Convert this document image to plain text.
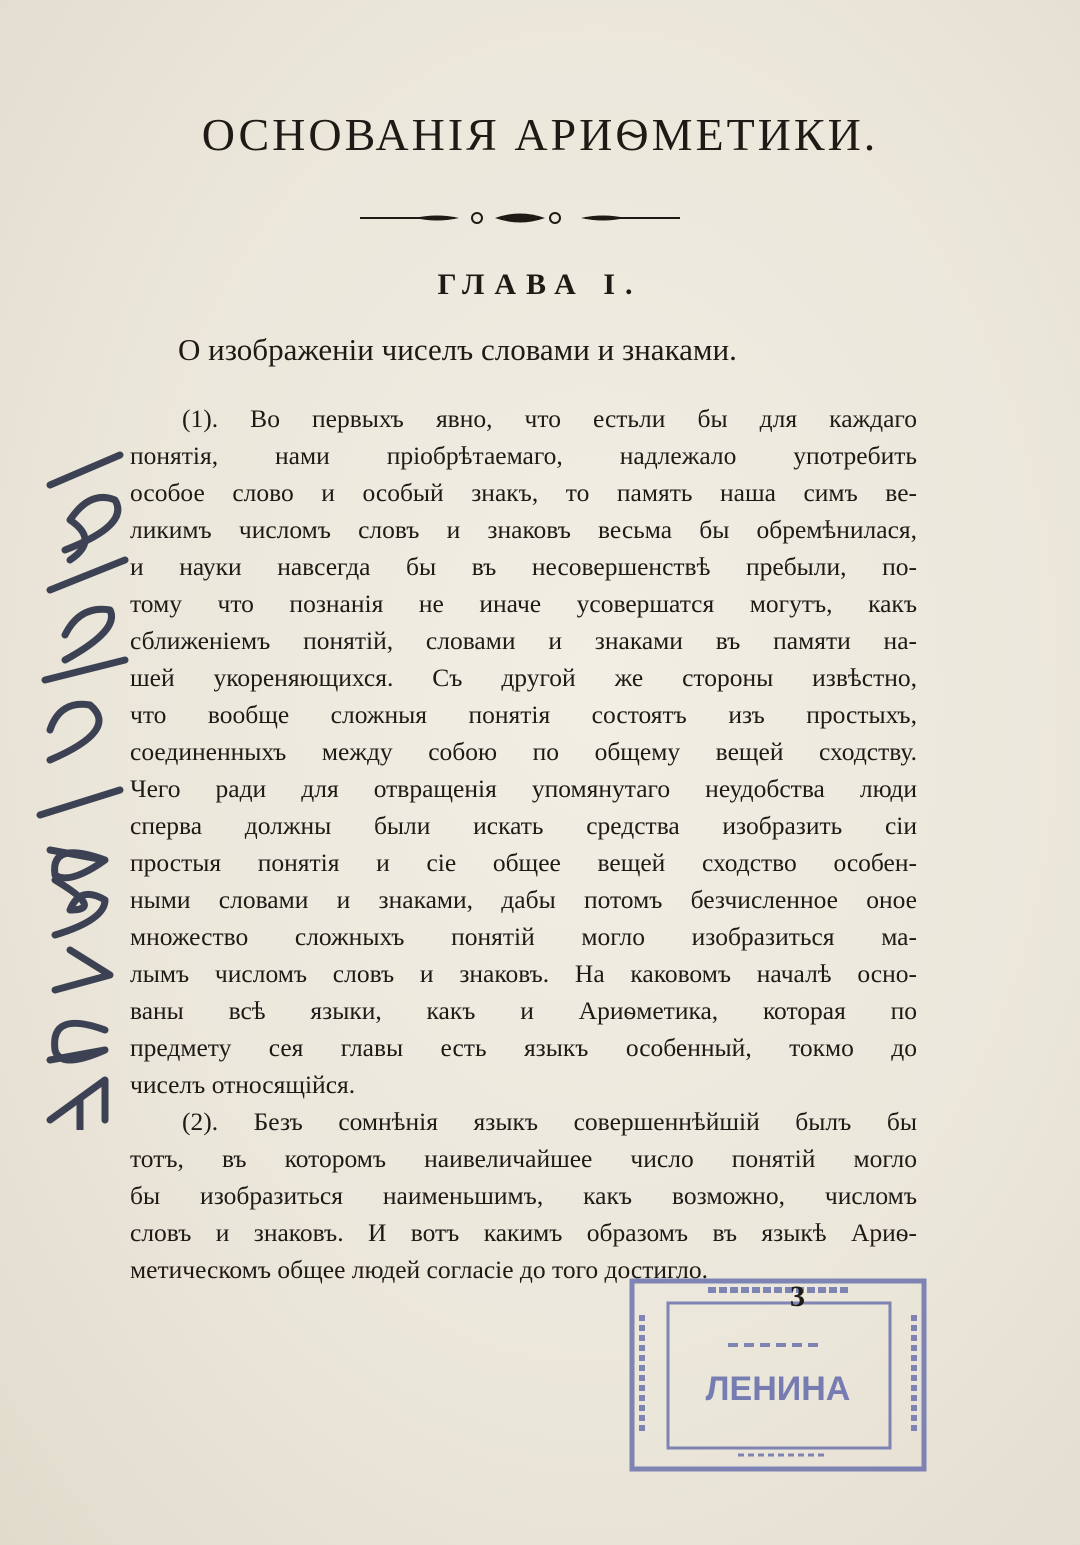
ОСНОВАНІЯ АРИѲМЕТИКИ.
ГЛАВА I.
О изображеніи чиселъ словами и знаками.
(1). Во первыхъ явно, что естьли бы для каждаго
понятія, нами пріобрѣтаемаго, надлежало употребить
особое слово и особый знакъ, то память наша симъ ве-
ликимъ числомъ словъ и знаковъ весьма бы обремѣнилася,
и науки навсегда бы въ несовершенствѣ пребыли, по-
тому что познанія не иначе усовершатся могутъ, какъ
сближеніемъ понятій, словами и знаками въ памяти на-
шей укореняющихся. Съ другой же стороны извѣстно,
что вообще сложныя понятія состоятъ изъ простыхъ,
соединенныхъ между собою по общему вещей сходству.
Чего ради для отвращенія упомянутаго неудобства люди
сперва должны были искать средства изобразить сіи
простыя понятія и сіе общее вещей сходство особен-
ными словами и знаками, дабы потомъ безчисленное оное
множество сложныхъ понятій могло изобразиться ма-
лымъ числомъ словъ и знаковъ. На каковомъ началѣ осно-
ваны всѣ языки, какъ и Ариѳметика, которая по
предмету сея главы есть языкъ особенный, токмо до
чиселъ относящійся.
(2). Безъ сомнѣнія языкъ совершеннѣйшій былъ бы
тотъ, въ которомъ наивеличайшее число понятій могло
бы изобразиться наименьшимъ, какъ возможно, числомъ
словъ и знаковъ. И вотъ какимъ образомъ въ языкѣ Ариѳ-
метическомъ общее людей согласіе до того достигло.
ЛЕНИНА
3
